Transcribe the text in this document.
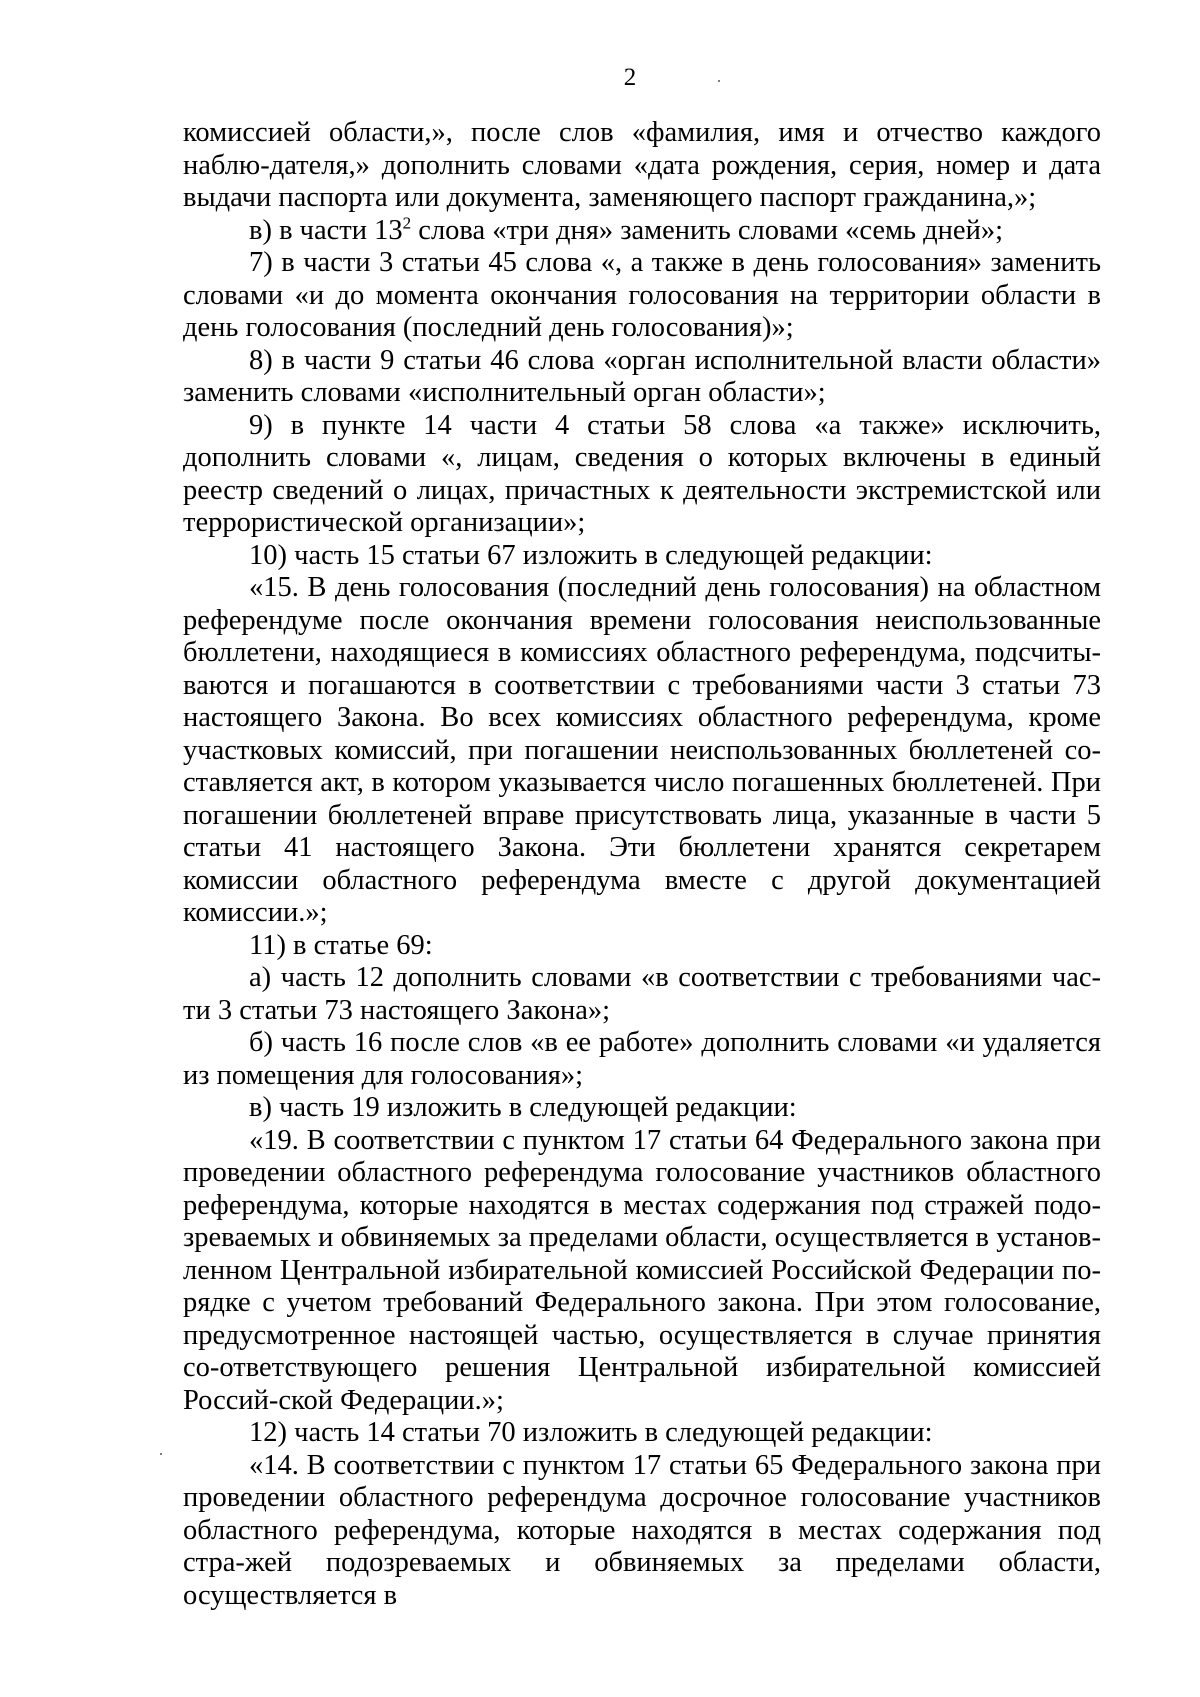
2

комиссией области,», после слов «фамилия, имя и отчество каждого наблю-дателя,» дополнить словами «дата рождения, серия, номер и дата выдачи паспорта или документа, заменяющего паспорт гражданина,»;

в) в части $13^2$ слова «три дня» заменить словами «семь дней»;

7) в части 3 статьи 45 слова «, а также в день голосования» заменить словами «и до момента окончания голосования на территории области в день голосования (последний день голосования)»;

8) в части 9 статьи 46 слова «орган исполнительной власти области» заменить словами «исполнительный орган области»;

9) в пункте 14 части 4 статьи 58 слова «а также» исключить, дополнить словами «, лицам, сведения о которых включены в единый реестр сведений о лицах, причастных к деятельности экстремистской или террористической организации»;

10) часть 15 статьи 67 изложить в следующей редакции:

«15. В день голосования (последний день голосования) на областном референдуме после окончания времени голосования неиспользованные бюллетени, находящиеся в комиссиях областного референдума, подсчиты-ваются и погашаются в соответствии с требованиями части 3 статьи 73 настоящего Закона. Во всех комиссиях областного референдума, кроме участковых комиссий, при погашении неиспользованных бюллетеней со-ставляется акт, в котором указывается число погашенных бюллетеней. При погашении бюллетеней вправе присутствовать лица, указанные в части 5 статьи 41 настоящего Закона. Эти бюллетени хранятся секретарем комиссии областного референдума вместе с другой документацией комиссии.»;

11) в статье 69:

а) часть 12 дополнить словами «в соответствии с требованиями час-ти 3 статьи 73 настоящего Закона»;

б) часть 16 после слов «в ее работе» дополнить словами «и удаляется из помещения для голосования»;

в) часть 19 изложить в следующей редакции:

«19. В соответствии с пунктом 17 статьи 64 Федерального закона при проведении областного референдума голосование участников областного референдума, которые находятся в местах содержания под стражей подо-зреваемых и обвиняемых за пределами области, осуществляется в установ-ленном Центральной избирательной комиссией Российской Федерации по-рядке с учетом требований Федерального закона. При этом голосование, предусмотренное настоящей частью, осуществляется в случае принятия со-ответствующего решения Центральной избирательной комиссией Россий-ской Федерации.»;

12) часть 14 статьи 70 изложить в следующей редакции:

«14. В соответствии с пунктом 17 статьи 65 Федерального закона при проведении областного референдума досрочное голосование участников областного референдума, которые находятся в местах содержания под стра-жей подозреваемых и обвиняемых за пределами области, осуществляется в
